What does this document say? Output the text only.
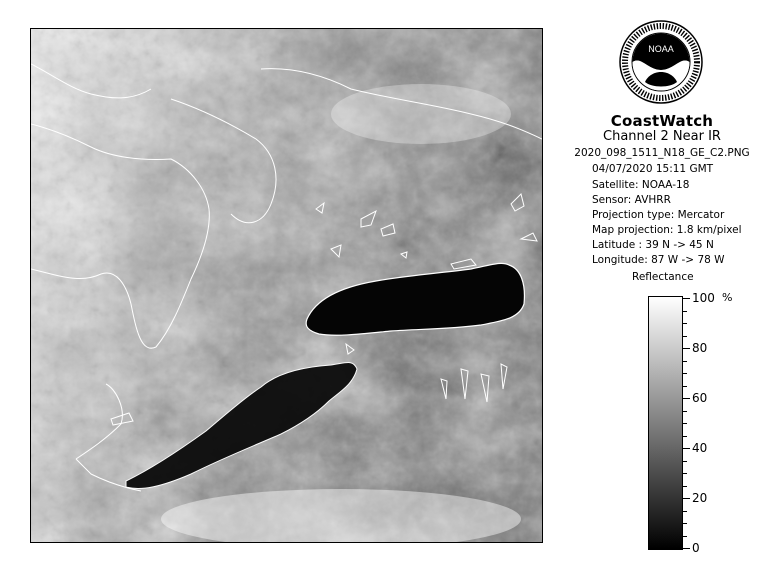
NOAA
CoastWatch
Channel 2 Near IR
2020_098_1511_N18_GE_C2.PNG
04/07/2020 15:11 GMT
Satellite: NOAA-18
Sensor: AVHRR
Projection type: Mercator
Map projection: 1.8 km/pixel
Latitude : 39 N -> 45 N
Longitude: 87 W -> 78 W
Reflectance
%
100
80
60
40
20
0
